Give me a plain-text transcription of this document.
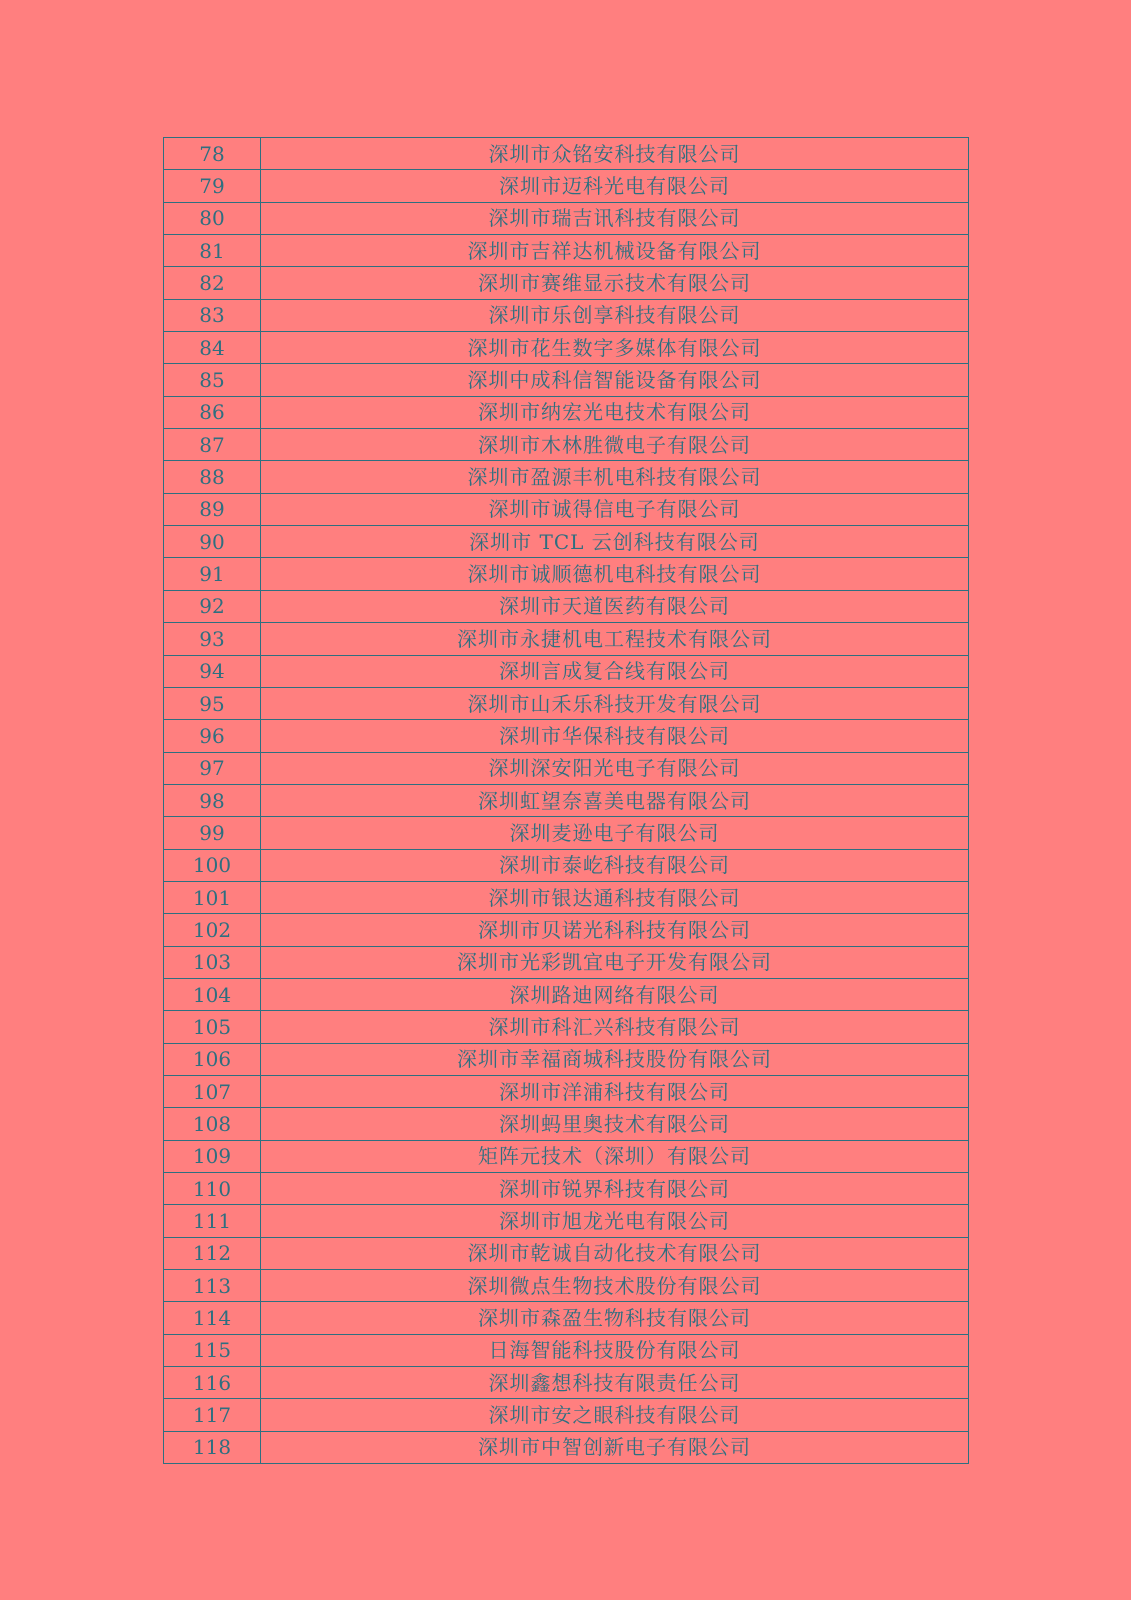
78	深圳市众铭安科技有限公司
79	深圳市迈科光电有限公司
80	深圳市瑞吉讯科技有限公司
81	深圳市吉祥达机械设备有限公司
82	深圳市赛维显示技术有限公司
83	深圳市乐创享科技有限公司
84	深圳市花生数字多媒体有限公司
85	深圳中成科信智能设备有限公司
86	深圳市纳宏光电技术有限公司
87	深圳市木林胜微电子有限公司
88	深圳市盈源丰机电科技有限公司
89	深圳市诚得信电子有限公司
90	深圳市 TCL 云创科技有限公司
91	深圳市诚顺德机电科技有限公司
92	深圳市天道医药有限公司
93	深圳市永捷机电工程技术有限公司
94	深圳言成复合线有限公司
95	深圳市山禾乐科技开发有限公司
96	深圳市华保科技有限公司
97	深圳深安阳光电子有限公司
98	深圳虹望奈喜美电器有限公司
99	深圳麦逊电子有限公司
100	深圳市泰屹科技有限公司
101	深圳市银达通科技有限公司
102	深圳市贝诺光科科技有限公司
103	深圳市光彩凯宜电子开发有限公司
104	深圳路迪网络有限公司
105	深圳市科汇兴科技有限公司
106	深圳市幸福商城科技股份有限公司
107	深圳市洋浦科技有限公司
108	深圳蚂里奥技术有限公司
109	矩阵元技术（深圳）有限公司
110	深圳市锐界科技有限公司
111	深圳市旭龙光电有限公司
112	深圳市乾诚自动化技术有限公司
113	深圳微点生物技术股份有限公司
114	深圳市森盈生物科技有限公司
115	日海智能科技股份有限公司
116	深圳鑫想科技有限责任公司
117	深圳市安之眼科技有限公司
118	深圳市中智创新电子有限公司
